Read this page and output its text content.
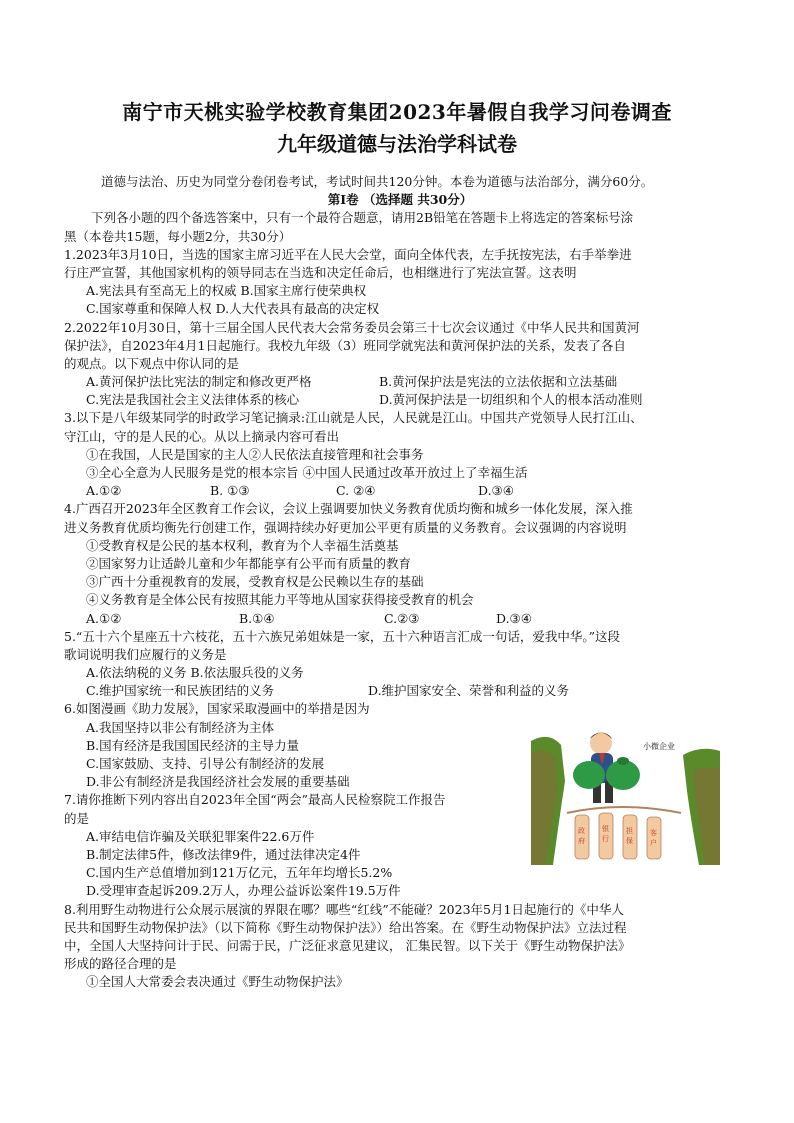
南宁市天桃实验学校教育集团2023年暑假自我学习问卷调查
九年级道德与法治学科试卷
道德与法治、历史为同堂分卷闭卷考试，考试时间共120分钟。本卷为道德与法治部分，满分60分。
第Ⅰ卷 （选择题 共30分）
下列各小题的四个备选答案中，只有一个最符合题意，请用2B铅笔在答题卡上将选定的答案标号涂
黑（本卷共15题，每小题2分，共30分）
1.2023年3月10日，当选的国家主席习近平在人民大会堂，面向全体代表，左手抚按宪法，右手举拳进
行庄严宣誓，其他国家机构的领导同志在当选和决定任命后，也相继进行了宪法宣誓。这表明
A.宪法具有至高无上的权威 B.国家主席行使荣典权
C.国家尊重和保障人权 D.人大代表具有最高的决定权
2.2022年10月30日，第十三届全国人民代表大会常务委员会第三十七次会议通过《中华人民共和国黄河
保护法》，自2023年4月1日起施行。我校九年级（3）班同学就宪法和黄河保护法的关系，发表了各自
的观点。以下观点中你认同的是
A.黄河保护法比宪法的制定和修改更严格	B.黄河保护法是宪法的立法依据和立法基础
C.宪法是我国社会主义法律体系的核心	D.黄河保护法是一切组织和个人的根本活动准则
3.以下是八年级某同学的时政学习笔记摘录:江山就是人民，人民就是江山。中国共产党领导人民打江山、
守江山，守的是人民的心。从以上摘录内容可看出
①在我国，人民是国家的主人②人民依法直接管理和社会事务
③全心全意为人民服务是党的根本宗旨 ④中国人民通过改革开放过上了幸福生活
A.①②	B. ①③	C. ②④	D.③④
4.广西召开2023年全区教育工作会议，会议上强调要加快义务教育优质均衡和城乡一体化发展，深入推
进义务教育优质均衡先行创建工作，强调持续办好更加公平更有质量的义务教育。会议强调的内容说明
①受教育权是公民的基本权利，教育为个人幸福生活奠基
②国家努力让适龄儿童和少年都能享有公平而有质量的教育
③广西十分重视教育的发展，受教育权是公民赖以生存的基础
④义务教育是全体公民有按照其能力平等地从国家获得接受教育的机会
A.①②	B.①④	C.②③	D.③④
5.“五十六个星座五十六枝花，五十六族兄弟姐妹是一家，五十六种语言汇成一句话，爱我中华。”这段
歌词说明我们应履行的义务是
A.依法纳税的义务 B.依法服兵役的义务
C.维护国家统一和民族团结的义务	D.维护国家安全、荣誉和利益的义务
6.如图漫画《助力发展》，国家采取漫画中的举措是因为
A.我国坚持以非公有制经济为主体
B.国有经济是我国国民经济的主导力量
C.国家鼓励、支持、引导公有制经济的发展
D.非公有制经济是我国经济社会发展的重要基础
7.请你推断下列内容出自2023年全国“两会”最高人民检察院工作报告
的是
A.审结电信诈骗及关联犯罪案件22.6万件
B.制定法律5件，修改法律9件，通过法律决定4件
C.国内生产总值增加到121万亿元，五年年均增长5.2%
D.受理审查起诉209.2万人，办理公益诉讼案件19.5万件
8.利用野生动物进行公众展示展演的界限在哪？哪些“红线”不能碰？2023年5月1日起施行的《中华人
民共和国野生动物保护法》（以下简称《野生动物保护法》）给出答案。在《野生动物保护法》立法过程
中，全国人大坚持问计于民、问需于民，广泛征求意见建议， 汇集民智。以下关于《野生动物保护法》
形成的路径合理的是
①全国人大常委会表决通过《野生动物保护法》
小微企业
政
府
银
行
担
保
客
户
